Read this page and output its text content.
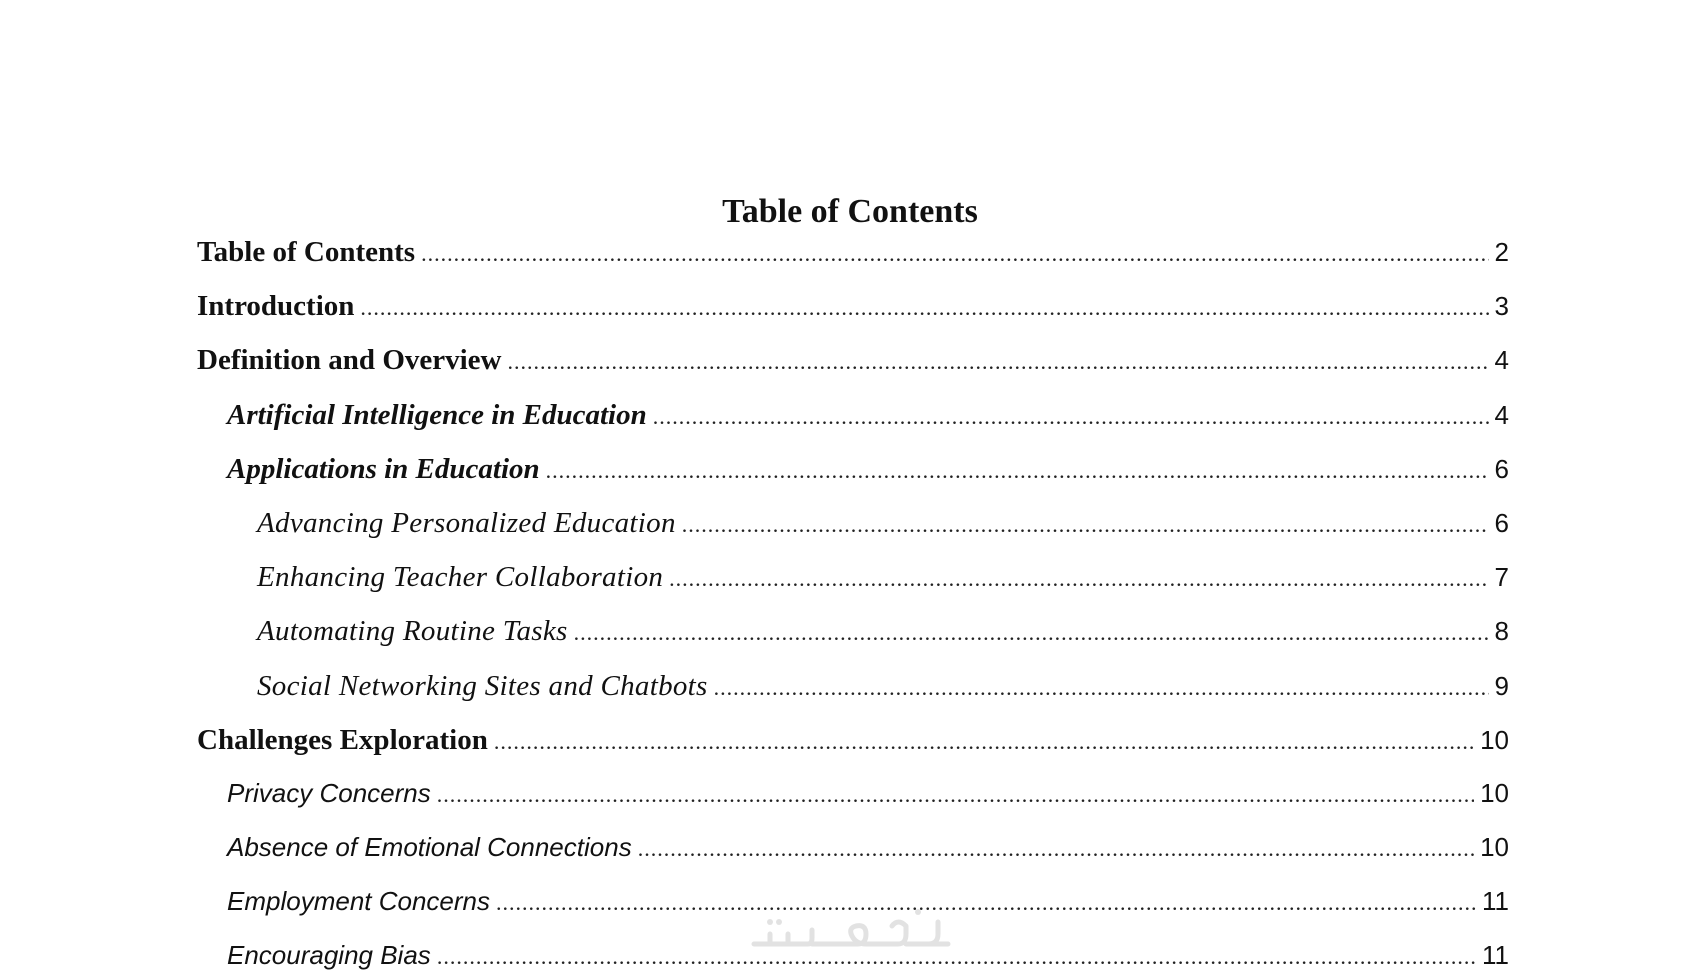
Table of Contents
Table of Contents .....	2
Introduction .....	3
Definition and Overview .....	4
Artificial Intelligence in Education .....	4
Applications in Education .....	6
Advancing Personalized Education .....	6
Enhancing Teacher Collaboration .....	7
Automating Routine Tasks .....	8
Social Networking Sites and Chatbots .....	9
Challenges Exploration .....	10
Privacy Concerns .....	10
Absence of Emotional Connections .....	10
Employment Concerns .....	11
Encouraging Bias .....	11
